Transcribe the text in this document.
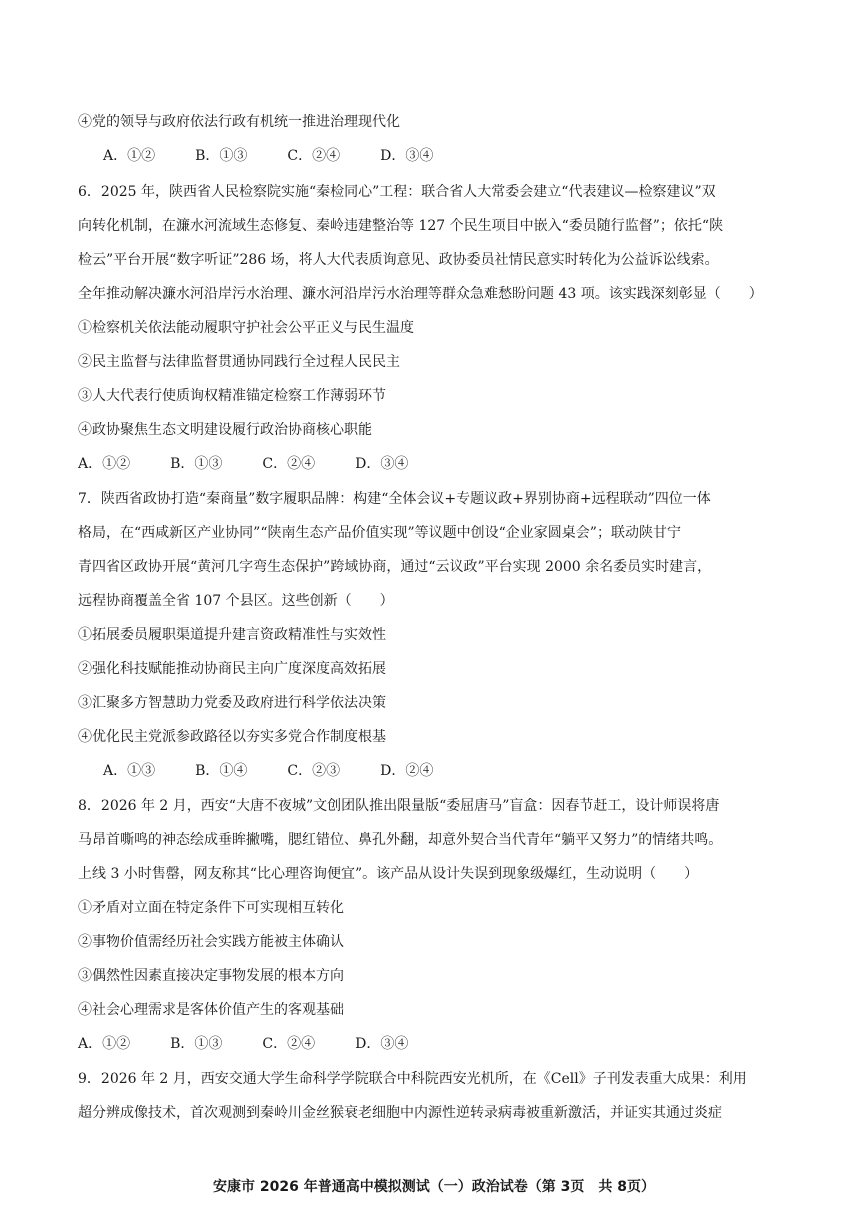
④党的领导与政府依法行政有机统一推进治理现代化
A．①②	B．①③	C．②④	D．③④
6．2025 年，陕西省人民检察院实施“秦检同心”工程：联合省人大常委会建立“代表建议—检察建议”双
向转化机制，在濂水河流域生态修复、秦岭违建整治等 127 个民生项目中嵌入“委员随行监督”；依托“陕
检云”平台开展“数字听证”286 场，将人大代表质询意见、政协委员社情民意实时转化为公益诉讼线索。
全年推动解决濂水河沿岸污水治理、濂水河沿岸污水治理等群众急难愁盼问题 43 项。该实践深刻彰显（　　）
①检察机关依法能动履职守护社会公平正义与民生温度
②民主监督与法律监督贯通协同践行全过程人民民主
③人大代表行使质询权精准锚定检察工作薄弱环节
④政协聚焦生态文明建设履行政治协商核心职能
A．①②	B．①③	C．②④	D．③④
7．陕西省政协打造“秦商量”数字履职品牌：构建“全体会议+专题议政+界别协商+远程联动”四位一体
格局，在“西咸新区产业协同”“陕南生态产品价值实现”等议题中创设“企业家圆桌会”；联动陕甘宁
青四省区政协开展“黄河几字弯生态保护”跨域协商，通过“云议政”平台实现 2000 余名委员实时建言，
远程协商覆盖全省 107 个县区。这些创新（　　）
①拓展委员履职渠道提升建言资政精准性与实效性
②强化科技赋能推动协商民主向广度深度高效拓展
③汇聚多方智慧助力党委及政府进行科学依法决策
④优化民主党派参政路径以夯实多党合作制度根基
A．①③	B．①④	C．②③	D．②④
8．2026 年 2 月，西安“大唐不夜城”文创团队推出限量版“委屈唐马”盲盒：因春节赶工，设计师误将唐
马昂首嘶鸣的神态绘成垂眸撇嘴，腮红错位、鼻孔外翻，却意外契合当代青年“躺平又努力”的情绪共鸣。
上线 3 小时售罄，网友称其“比心理咨询便宜”。该产品从设计失误到现象级爆红，生动说明（　　）
①矛盾对立面在特定条件下可实现相互转化
②事物价值需经历社会实践方能被主体确认
③偶然性因素直接决定事物发展的根本方向
④社会心理需求是客体价值产生的客观基础
A．①②	B．①③	C．②④	D．③④
9．2026 年 2 月，西安交通大学生命科学学院联合中科院西安光机所，在《Cell》子刊发表重大成果：利用
超分辨成像技术，首次观测到秦岭川金丝猴衰老细胞中内源性逆转录病毒被重新激活，并证实其通过炎症
安康市 2026 年普通高中模拟测试（一）政治试卷（第 3页　共 8页）
